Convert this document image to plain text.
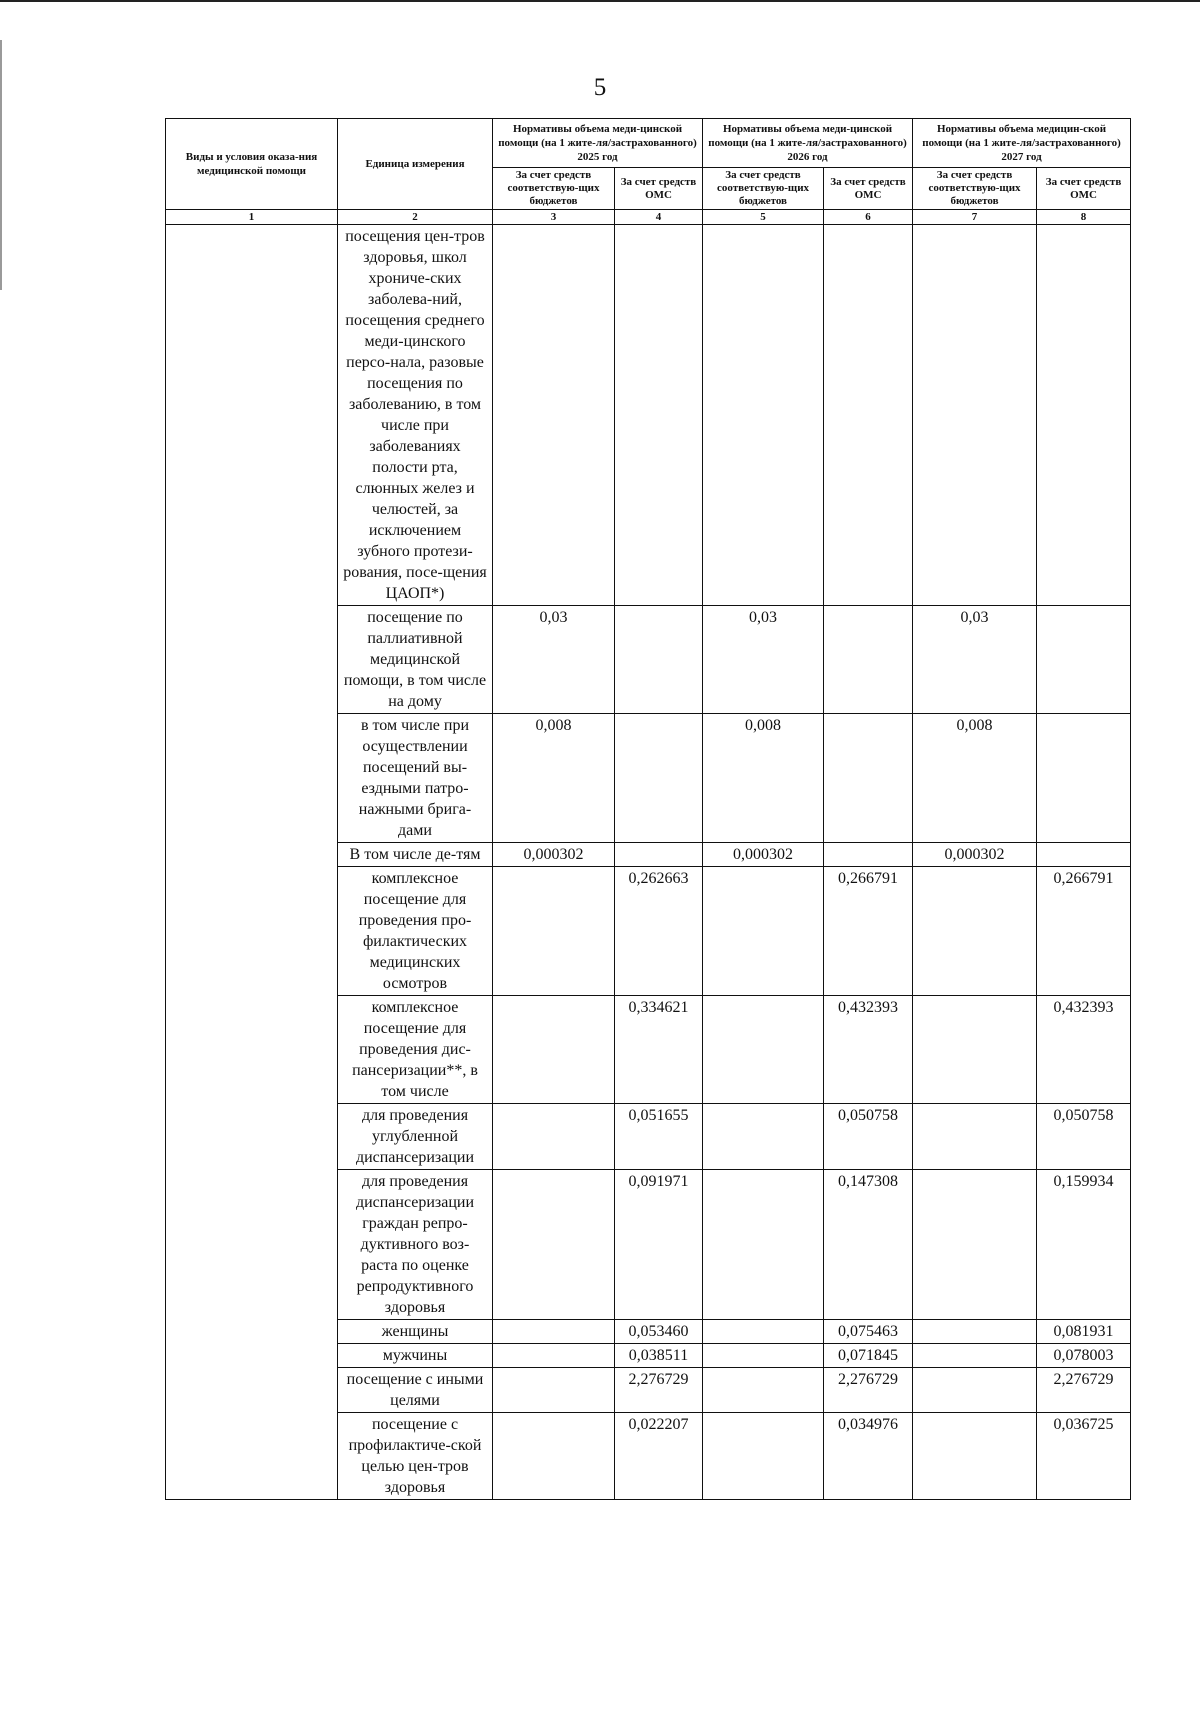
5
Виды и условия оказа-ния медицинской помощи	Единица измерения	Нормативы объема меди-цинской помощи (на 1 жите-ля/застрахованного) 2025 год		Нормативы объема меди-цинской помощи (на 1 жите-ля/застрахованного) 2026 год		Нормативы объема медицин-ской помощи (на 1 жите-ля/застрахованного) 2027 год	
		За счет средств соответствую-щих бюджетов	За счет средств ОМС	За счет средств соответствую-щих бюджетов	За счет средств ОМС	За счет средств соответствую-щих бюджетов	За счет средств ОМС
1	2	3	4	5	6	7	8
	посещения цен-тров здоровья, школ хрониче-ских заболева-ний, посещения среднего меди-цинского персо-нала, разовые посещения по заболеванию, в том числе при заболеваниях полости рта, слюнных желез и челюстей, за исключением зубного протези-рования, посе-щения ЦАОП*)						
	посещение по паллиативной медицинской помощи, в том числе на дому	0,03		0,03		0,03	
	в том числе при осуществлении посещений вы-ездными патро-нажными брига-дами	0,008		0,008		0,008	
	В том числе де-тям	0,000302		0,000302		0,000302	
	комплексное посещение для проведения про-филактических медицинских осмотров		0,262663		0,266791		0,266791
	комплексное посещение для проведения дис-пансеризации**, в том числе		0,334621		0,432393		0,432393
	для проведения углубленной диспансеризации		0,051655		0,050758		0,050758
	для проведения диспансеризации граждан репро-дуктивного воз-раста по оценке репродуктивного здоровья		0,091971		0,147308		0,159934
	женщины		0,053460		0,075463		0,081931
	мужчины		0,038511		0,071845		0,078003
	посещение с иными целями		2,276729		2,276729		2,276729
	посещение с профилактиче-ской целью цен-тров здоровья		0,022207		0,034976		0,036725
